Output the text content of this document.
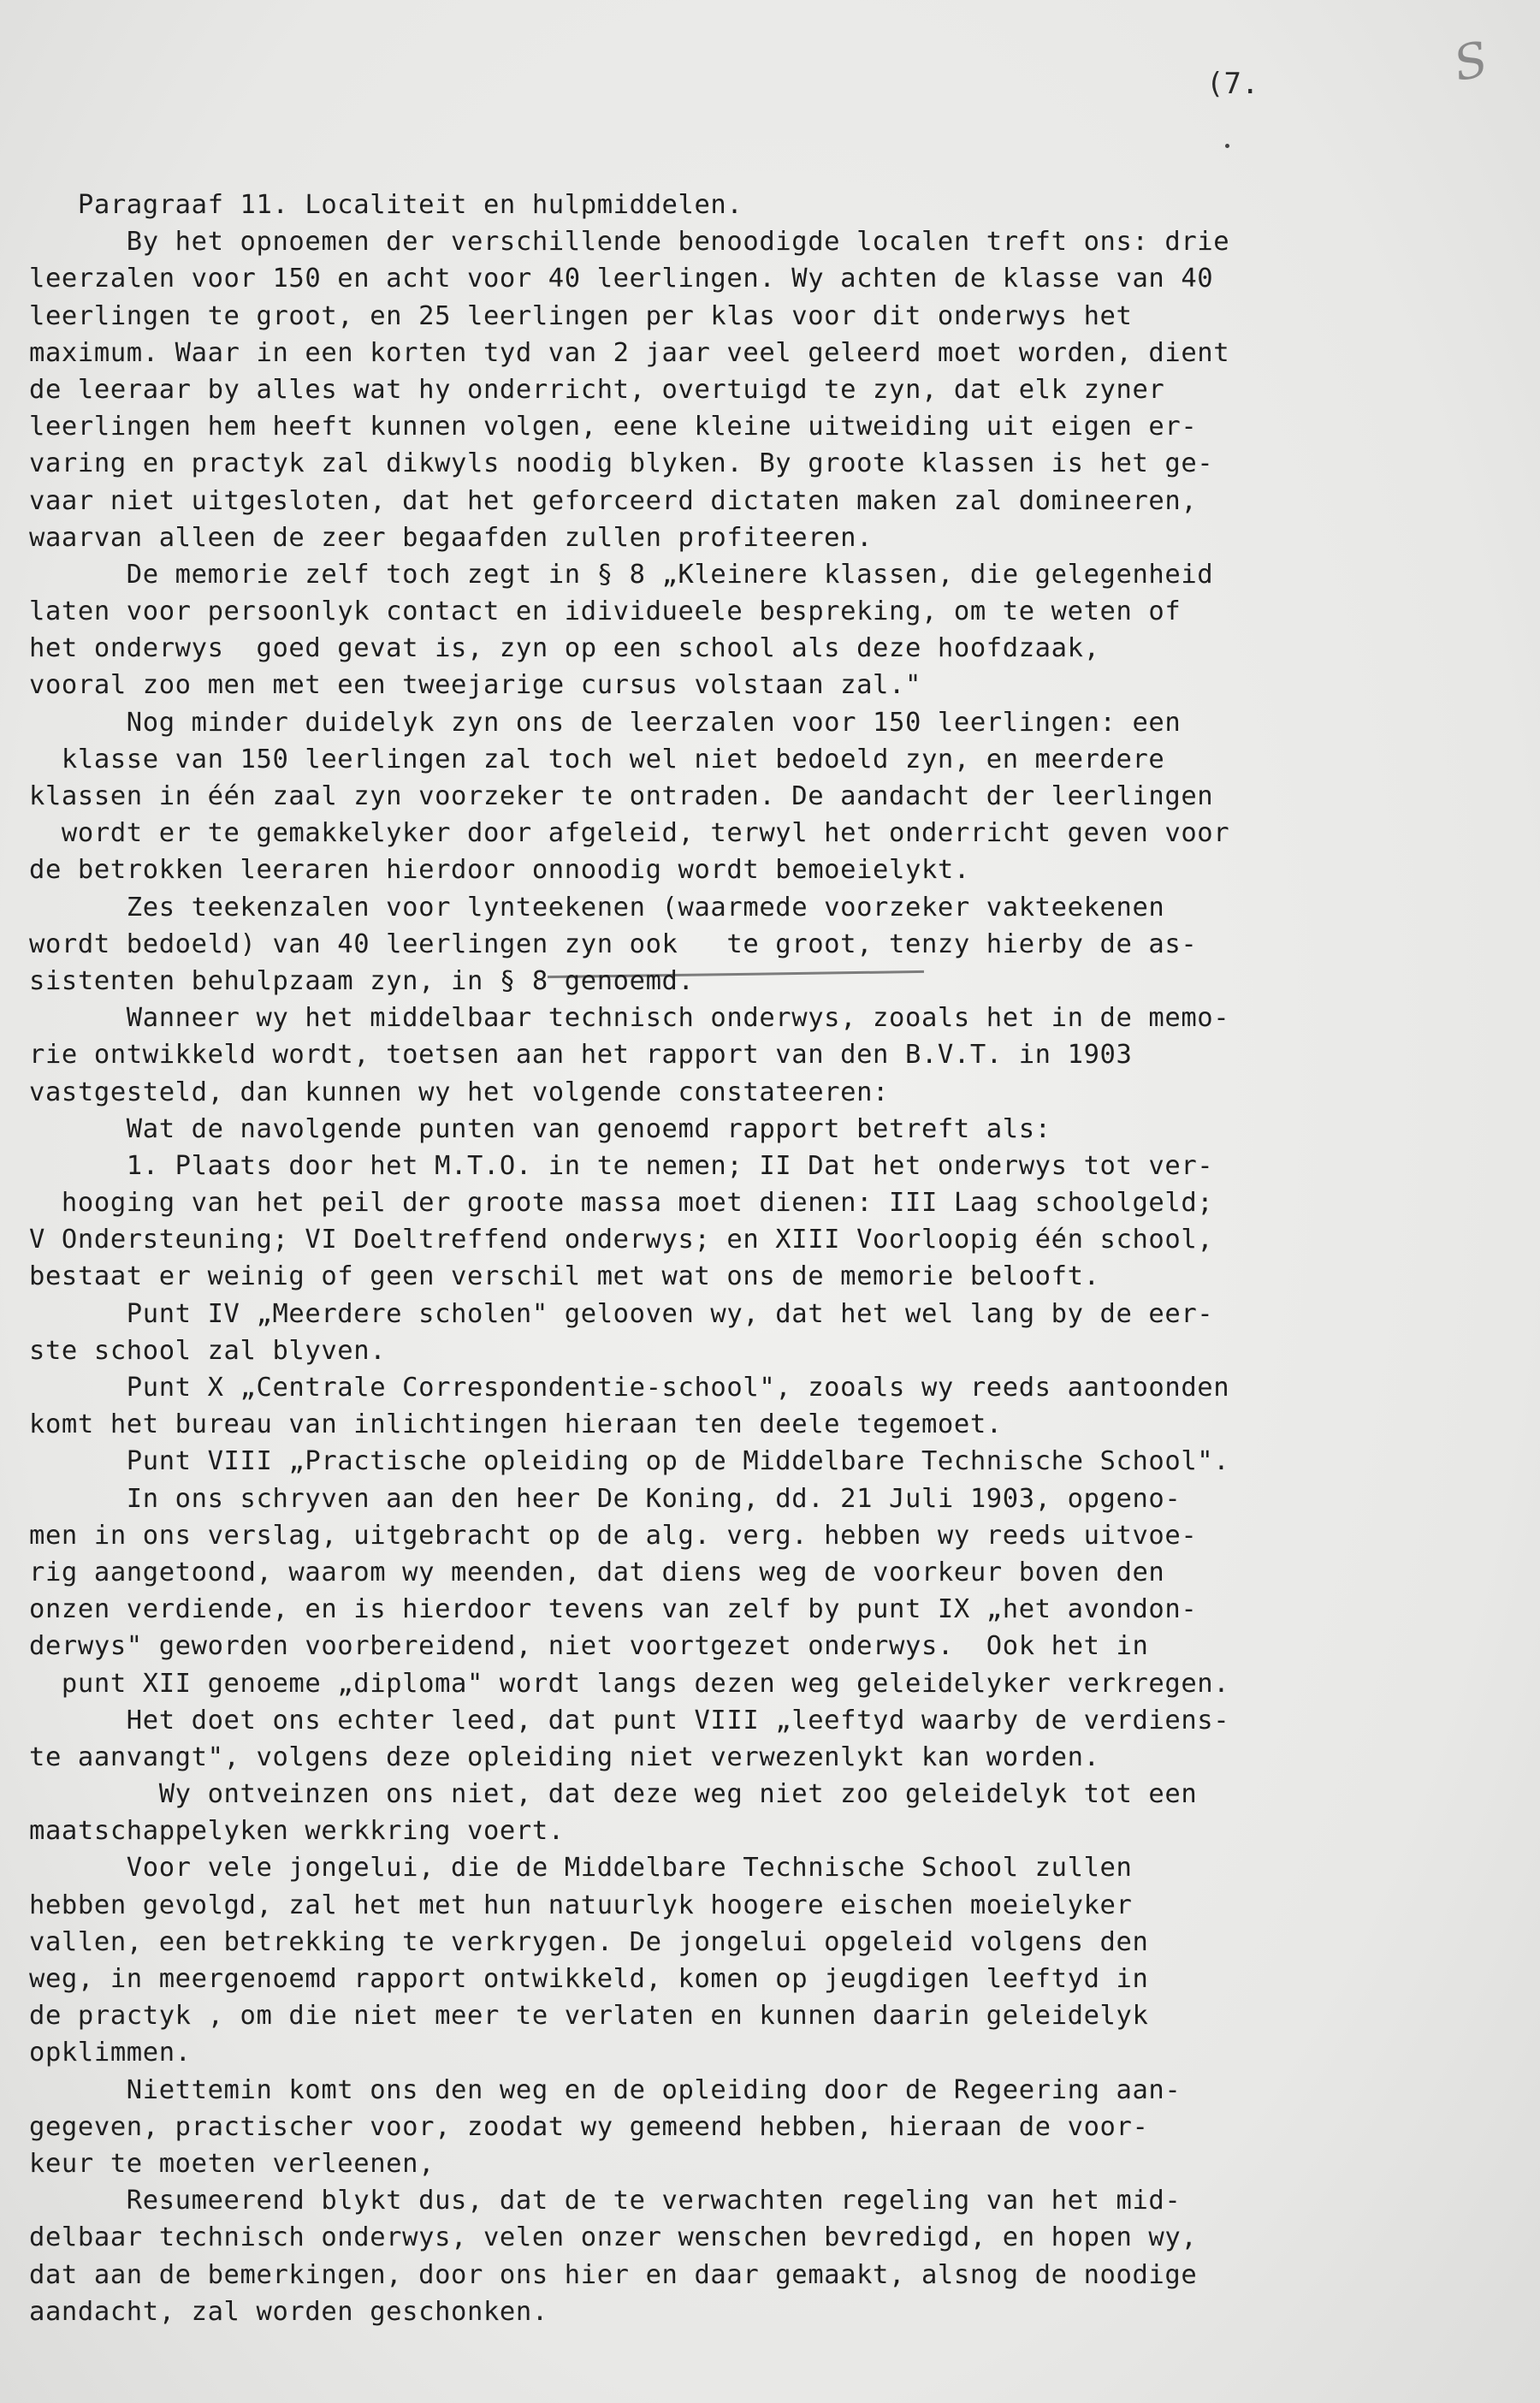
S
(7.
Paragraaf 11. Localiteit en hulpmiddelen.
By het opnoemen der verschillende benoodigde localen treft ons: drie
leerzalen voor 150 en acht voor 40 leerlingen. Wy achten de klasse van 40
leerlingen te groot, en 25 leerlingen per klas voor dit onderwys het
maximum. Waar in een korten tyd van 2 jaar veel geleerd moet worden, dient
de leeraar by alles wat hy onderricht, overtuigd te zyn, dat elk zyner
leerlingen hem heeft kunnen volgen, eene kleine uitweiding uit eigen er-
varing en practyk zal dikwyls noodig blyken. By groote klassen is het ge-
vaar niet uitgesloten, dat het geforceerd dictaten maken zal domineeren,
waarvan alleen de zeer begaafden zullen profiteeren.
De memorie zelf toch zegt in § 8 „Kleinere klassen, die gelegenheid
laten voor persoonlyk contact en idividueele bespreking, om te weten of
het onderwys  goed gevat is, zyn op een school als deze hoofdzaak,
vooral zoo men met een tweejarige cursus volstaan zal."
Nog minder duidelyk zyn ons de leerzalen voor 150 leerlingen: een
klasse van 150 leerlingen zal toch wel niet bedoeld zyn, en meerdere
klassen in één zaal zyn voorzeker te ontraden. De aandacht der leerlingen
wordt er te gemakkelyker door afgeleid, terwyl het onderricht geven voor
de betrokken leeraren hierdoor onnoodig wordt bemoeielykt.
Zes teekenzalen voor lynteekenen (waarmede voorzeker vakteekenen
wordt bedoeld) van 40 leerlingen zyn ook   te groot, tenzy hierby de as-
sistenten behulpzaam zyn, in § 8 genoemd.
Wanneer wy het middelbaar technisch onderwys, zooals het in de memo-
rie ontwikkeld wordt, toetsen aan het rapport van den B.V.T. in 1903
vastgesteld, dan kunnen wy het volgende constateeren:
Wat de navolgende punten van genoemd rapport betreft als:
1. Plaats door het M.T.O. in te nemen; II Dat het onderwys tot ver-
hooging van het peil der groote massa moet dienen: III Laag schoolgeld;
V Ondersteuning; VI Doeltreffend onderwys; en XIII Voorloopig één school,
bestaat er weinig of geen verschil met wat ons de memorie belooft.
Punt IV „Meerdere scholen" gelooven wy, dat het wel lang by de eer-
ste school zal blyven.
Punt X „Centrale Correspondentie-school", zooals wy reeds aantoonden
komt het bureau van inlichtingen hieraan ten deele tegemoet.
Punt VIII „Practische opleiding op de Middelbare Technische School".
In ons schryven aan den heer De Koning, dd. 21 Juli 1903, opgeno-
men in ons verslag, uitgebracht op de alg. verg. hebben wy reeds uitvoe-
rig aangetoond, waarom wy meenden, dat diens weg de voorkeur boven den
onzen verdiende, en is hierdoor tevens van zelf by punt IX „het avondon-
derwys" geworden voorbereidend, niet voortgezet onderwys.  Ook het in
punt XII genoeme „diploma" wordt langs dezen weg geleidelyker verkregen.
Het doet ons echter leed, dat punt VIII „leeftyd waarby de verdiens-
te aanvangt", volgens deze opleiding niet verwezenlykt kan worden.
Wy ontveinzen ons niet, dat deze weg niet zoo geleidelyk tot een
maatschappelyken werkkring voert.
Voor vele jongelui, die de Middelbare Technische School zullen
hebben gevolgd, zal het met hun natuurlyk hoogere eischen moeielyker
vallen, een betrekking te verkrygen. De jongelui opgeleid volgens den
weg, in meergenoemd rapport ontwikkeld, komen op jeugdigen leeftyd in
de practyk , om die niet meer te verlaten en kunnen daarin geleidelyk
opklimmen.
Niettemin komt ons den weg en de opleiding door de Regeering aan-
gegeven, practischer voor, zoodat wy gemeend hebben, hieraan de voor-
keur te moeten verleenen,
Resumeerend blykt dus, dat de te verwachten regeling van het mid-
delbaar technisch onderwys, velen onzer wenschen bevredigd, en hopen wy,
dat aan de bemerkingen, door ons hier en daar gemaakt, alsnog de noodige
aandacht, zal worden geschonken.
